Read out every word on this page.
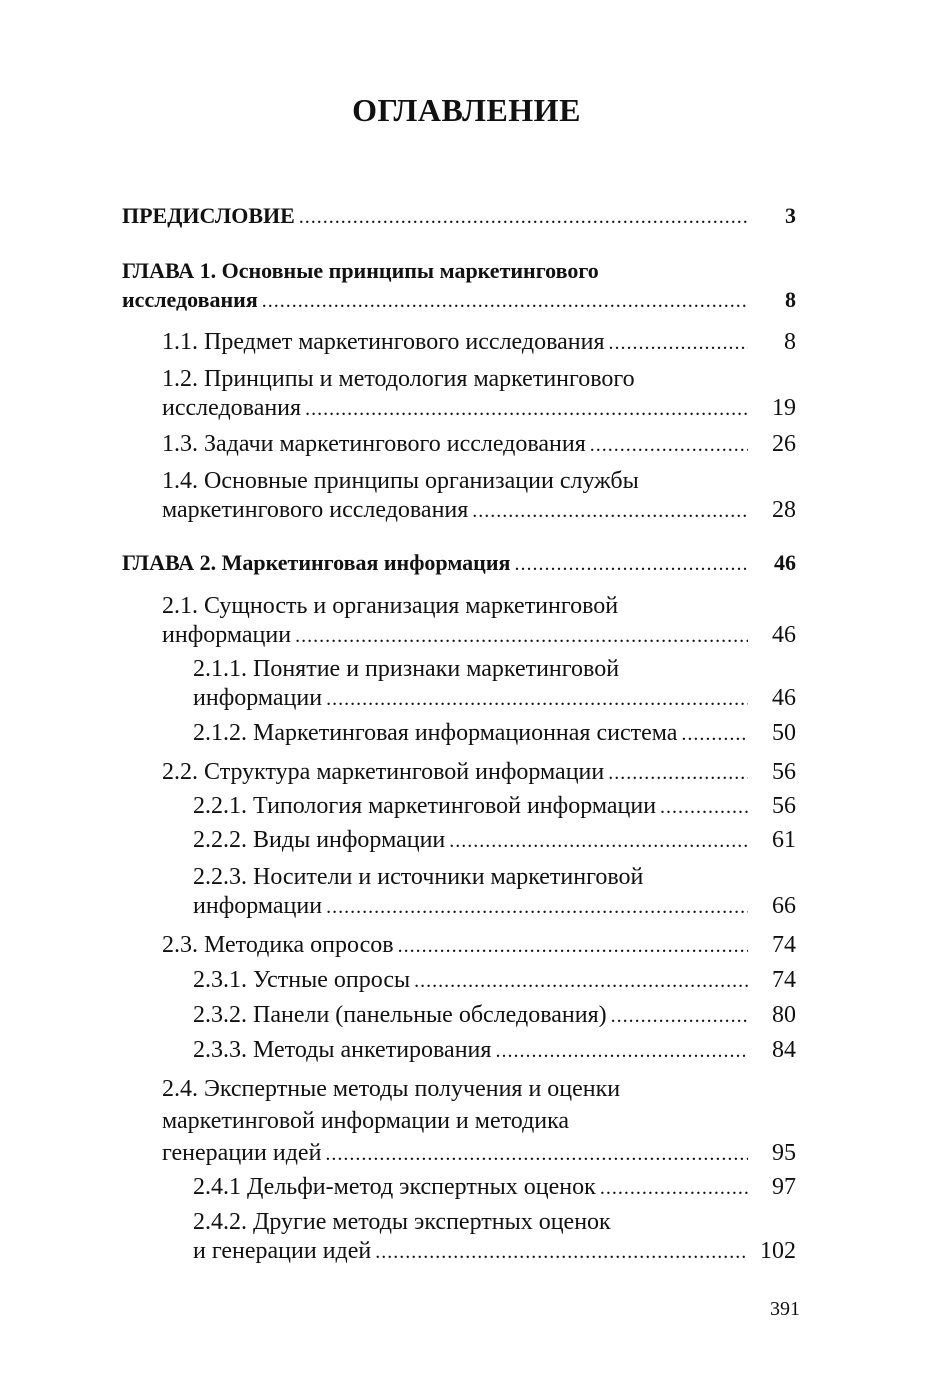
ОГЛАВЛЕНИЕ
ПРЕДИСЛОВИЕ .....	3
ГЛАВА 1. Основные принципы маркетингового
исследования .....	8
1.1. Предмет маркетингового исследования .....	8
1.2. Принципы и методология маркетингового
исследования .....	19
1.3. Задачи маркетингового исследования .....	26
1.4. Основные принципы организации службы
маркетингового исследования .....	28
ГЛАВА 2. Маркетинговая информация .....	46
2.1. Сущность и организация маркетинговой
информации .....	46
2.1.1. Понятие и признаки маркетинговой
информации .....	46
2.1.2. Маркетинговая информационная система .....	50
2.2. Структура маркетинговой информации .....	56
2.2.1. Типология маркетинговой информации .....	56
2.2.2. Виды информации .....	61
2.2.3. Носители и источники маркетинговой
информации .....	66
2.3. Методика опросов .....	74
2.3.1. Устные опросы .....	74
2.3.2. Панели (панельные обследования) .....	80
2.3.3. Методы анкетирования .....	84
2.4. Экспертные методы получения и оценки
маркетинговой информации и методика
генерации идей .....	95
2.4.1 Дельфи-метод экспертных оценок .....	97
2.4.2. Другие методы экспертных оценок
и генерации идей .....	102
391
